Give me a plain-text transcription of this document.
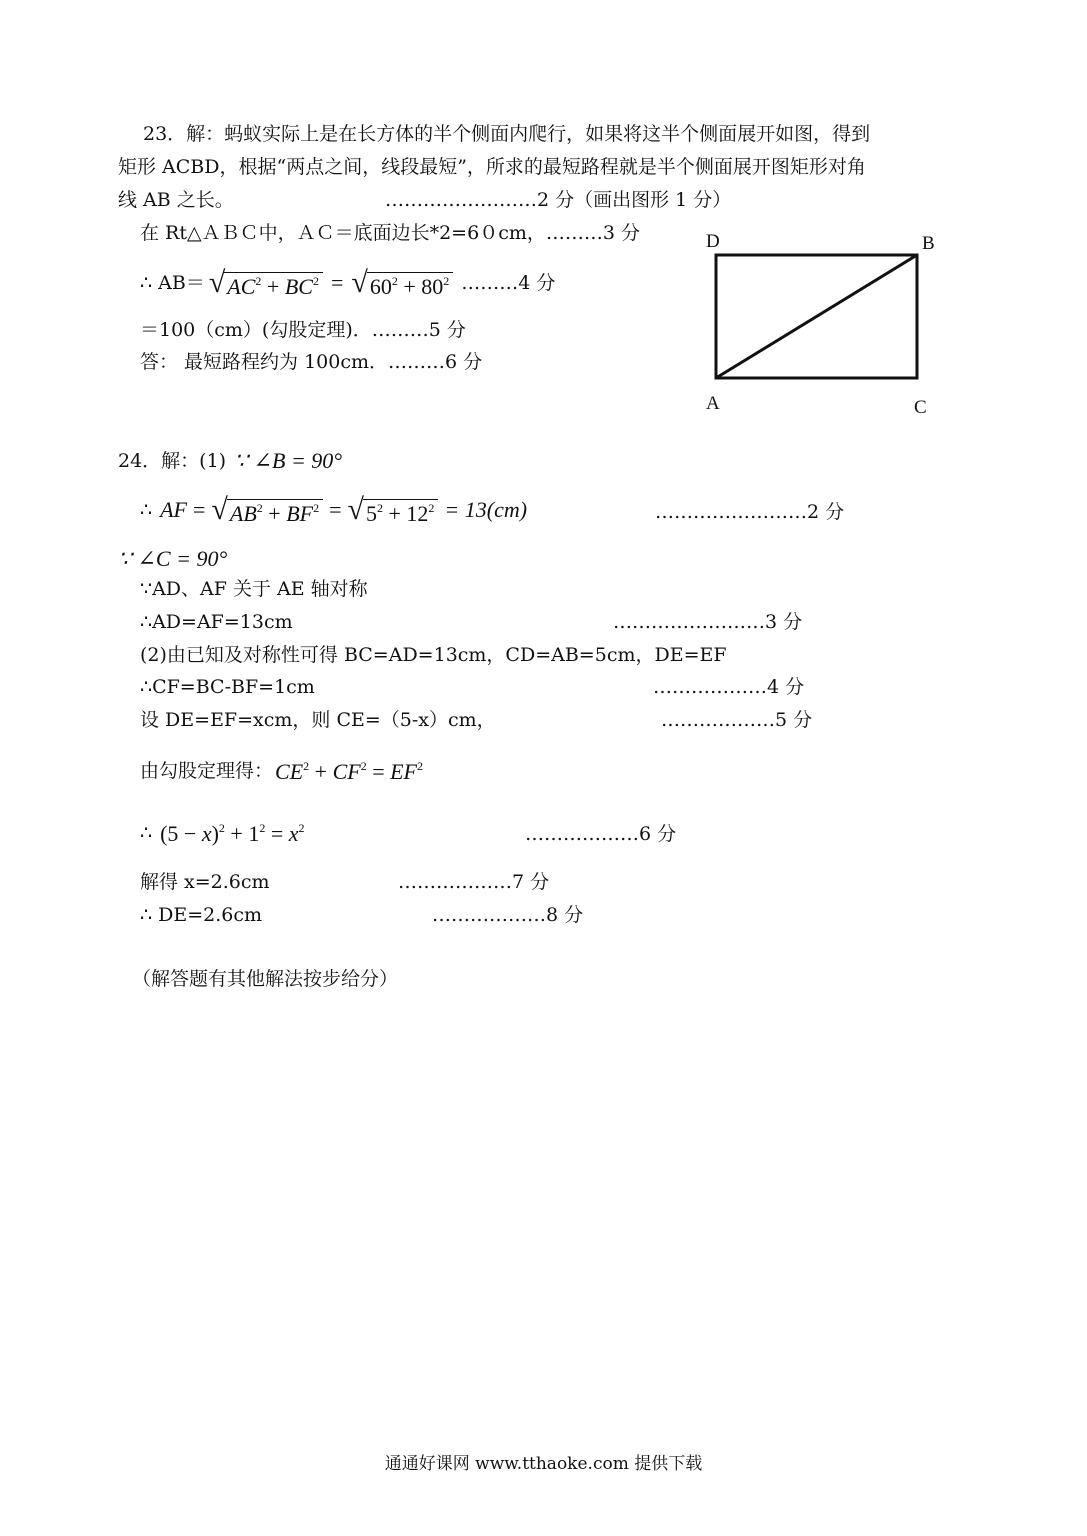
23．解：蚂蚁实际上是在长方体的半个侧面内爬行，如果将这半个侧面展开如图，得到
矩形 ACBD，根据“两点之间，线段最短”，所求的最短路程就是半个侧面展开图矩形对角
线 AB 之长。	……………………2 分（画出图形 1 分）
在 Rt△ＡＢＣ中，ＡＣ＝底面边长*2=6０cm，………3 分
∴ AB＝ √ $AC^2 + BC^2$ = √ $60^2 + 80^2$ ………4 分
＝100（cm）(勾股定理)．………5 分
答： 最短路程约为 100cm．………6 分
D	B
A	C
24．解：(1) ∵ ∠B = 90°
∴ AF = √ $AB^2 + BF^2$ = √ $5^2 + 12^2 = 13(cm)$	……………………2 分
∵ ∠C = 90°
∵AD、AF 关于 AE 轴对称
∴AD=AF=13cm	……………………3 分
(2)由已知及对称性可得 BC=AD=13cm，CD=AB=5cm，DE=EF
∴CF=BC-BF=1cm	………………4 分
设 DE=EF=xcm，则 CE=（5-x）cm，	………………5 分
由勾股定理得： $CE^2 + CF^2 = EF^2$
∴ $(5 - x)^2 + 1^2 = x^2$	………………6 分
解得 x=2.6cm	………………7 分
∴ DE=2.6cm	………………8 分
（解答题有其他解法按步给分）
通通好课网 www.tthaoke.com 提供下载
